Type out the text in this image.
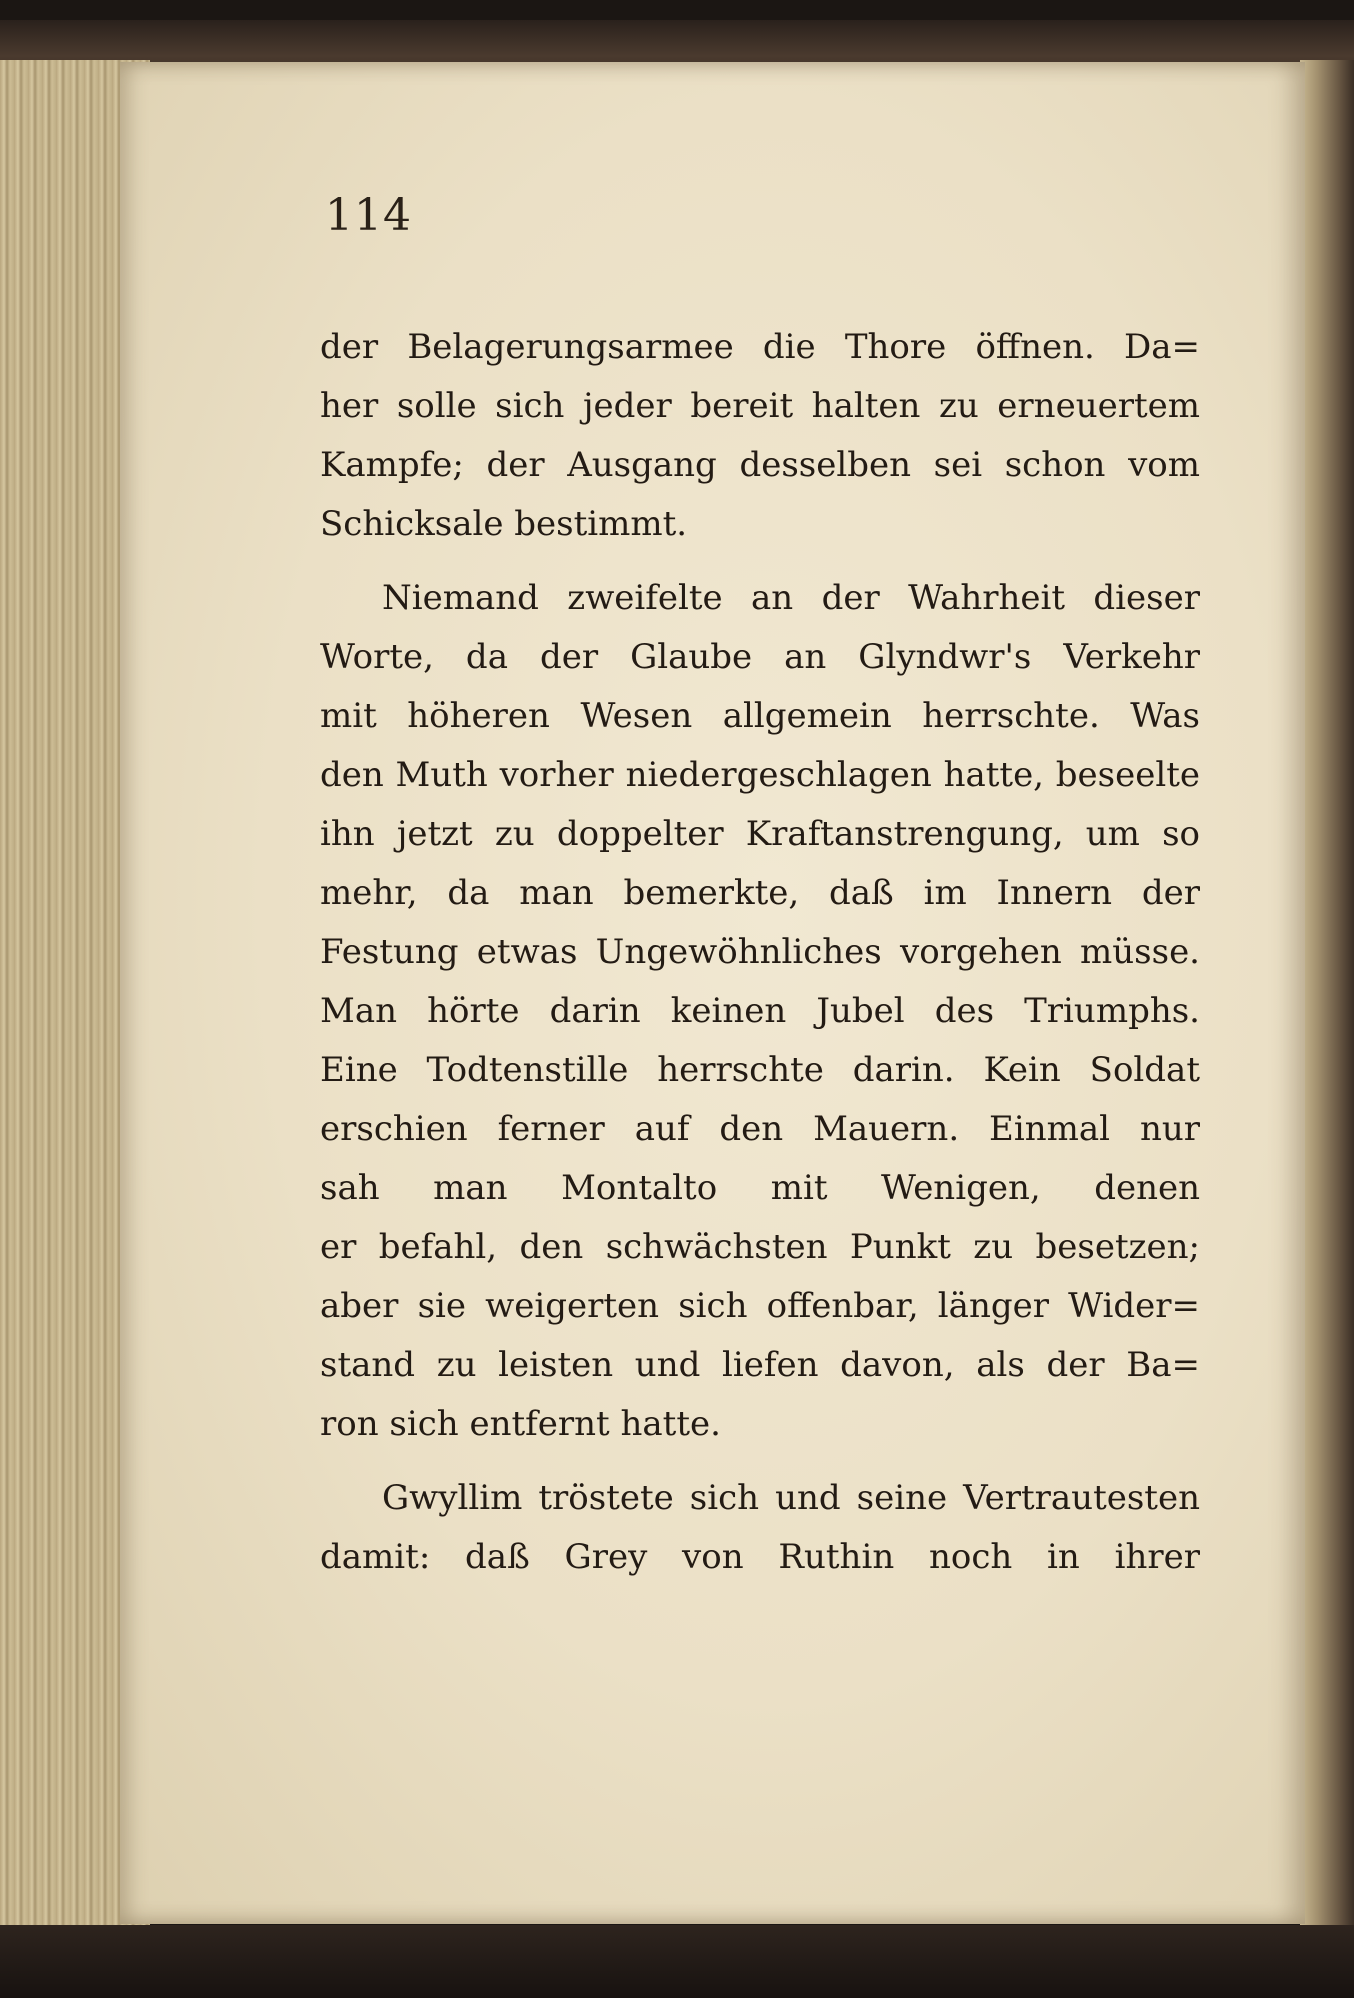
114

der Belagerungsarmee die Thore öffnen. Da=
her solle sich jeder bereit halten zu erneuertem
Kampfe; der Ausgang desselben sei schon vom
Schicksale bestimmt.

Niemand zweifelte an der Wahrheit dieser
Worte, da der Glaube an Glyndwr's Verkehr
mit höheren Wesen allgemein herrschte. Was
den Muth vorher niedergeschlagen hatte, beseelte
ihn jetzt zu doppelter Kraftanstrengung, um so
mehr, da man bemerkte, daß im Innern der
Festung etwas Ungewöhnliches vorgehen müsse.
Man hörte darin keinen Jubel des Triumphs.
Eine Todtenstille herrschte darin. Kein Soldat
erschien ferner auf den Mauern. Einmal nur
sah man Montalto mit Wenigen, denen
er befahl, den schwächsten Punkt zu besetzen;
aber sie weigerten sich offenbar, länger Wider=
stand zu leisten und liefen davon, als der Ba=
ron sich entfernt hatte.

Gwyllim tröstete sich und seine Vertrautesten
damit: daß Grey von Ruthin noch in ihrer
